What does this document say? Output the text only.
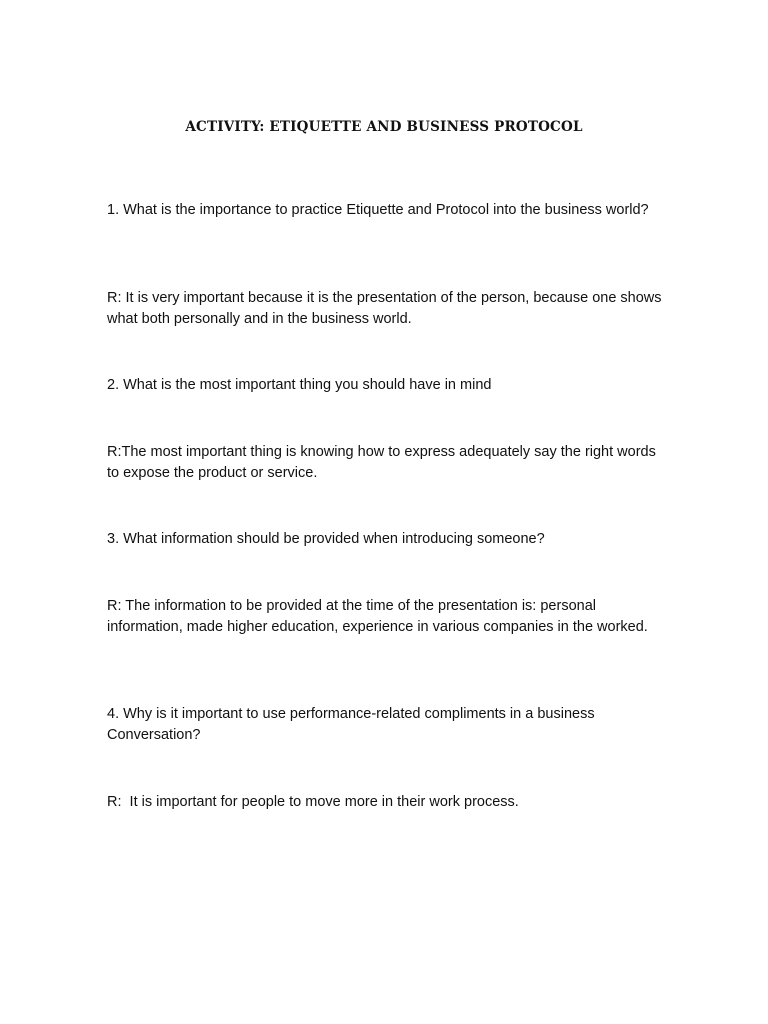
ACTIVITY: ETIQUETTE AND BUSINESS PROTOCOL

1. What is the importance to practice Etiquette and Protocol into the business world?

R: It is very important because it is the presentation of the person, because one shows what both personally and in the business world.

2. What is the most important thing you should have in mind

R:The most important thing is knowing how to express adequately say the right words to expose the product or service.

3. What information should be provided when introducing someone?

R: The information to be provided at the time of the presentation is: personal information, made higher education, experience in various companies in the worked.

4. Why is it important to use performance-related compliments in a business Conversation?

R:  It is important for people to move more in their work process.
